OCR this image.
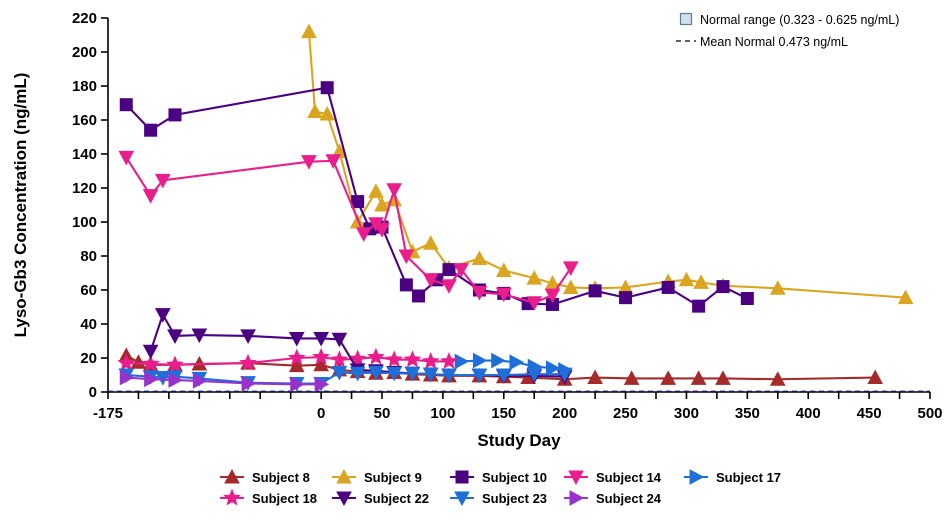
0
20
40
60
80
100
120
140
160
180
200
220
-175	0	50	100 150 200 250 300 350 400 450 500
Study Day
Lyso-Gb3 Concentration (ng/mL)
Normal range (0.323 - 0.625 ng/mL)
Mean Normal 0.473 ng/mL
Subject 8	Subject 9	Subject 10	Subject 14	Subject 17
Subject 18	Subject 22	Subject 23	Subject 24
